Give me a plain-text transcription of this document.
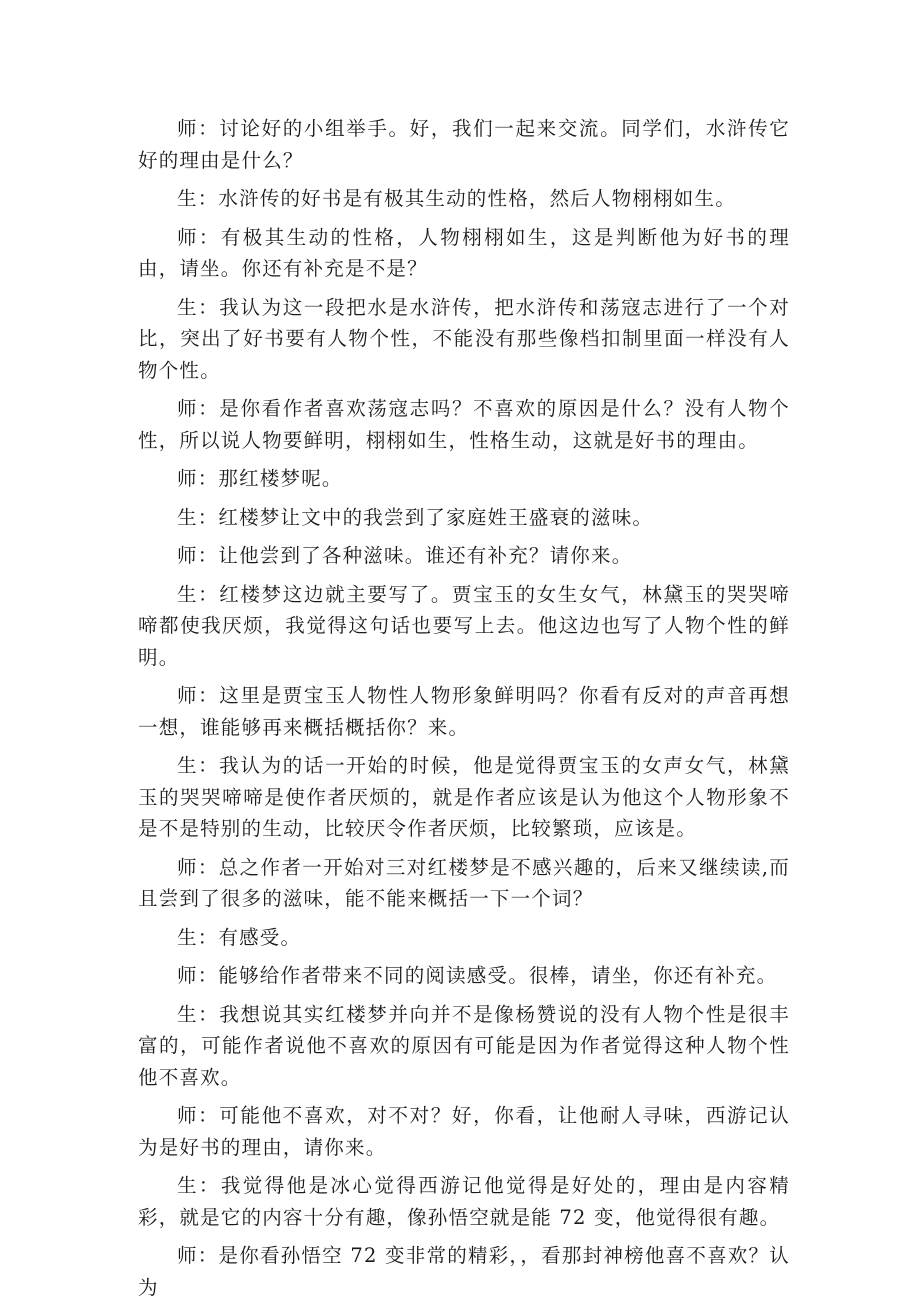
师：讨论好的小组举手。好，我们一起来交流。同学们，水浒传它好的理由是什么？

生：水浒传的好书是有极其生动的性格，然后人物栩栩如生。

师：有极其生动的性格，人物栩栩如生，这是判断他为好书的理由，请坐。你还有补充是不是？

生：我认为这一段把水是水浒传，把水浒传和荡寇志进行了一个对比，突出了好书要有人物个性，不能没有那些像档扣制里面一样没有人物个性。

师：是你看作者喜欢荡寇志吗？不喜欢的原因是什么？没有人物个性，所以说人物要鲜明，栩栩如生，性格生动，这就是好书的理由。

师：那红楼梦呢。

生：红楼梦让文中的我尝到了家庭姓王盛衰的滋味。

师：让他尝到了各种滋味。谁还有补充？请你来。

生：红楼梦这边就主要写了。贾宝玉的女生女气，林黛玉的哭哭啼啼都使我厌烦，我觉得这句话也要写上去。他这边也写了人物个性的鲜明。

师：这里是贾宝玉人物性人物形象鲜明吗？你看有反对的声音再想一想，谁能够再来概括概括你？来。

生：我认为的话一开始的时候，他是觉得贾宝玉的女声女气，林黛玉的哭哭啼啼是使作者厌烦的，就是作者应该是认为他这个人物形象不是不是特别的生动，比较厌令作者厌烦，比较繁琐，应该是。

师：总之作者一开始对三对红楼梦是不感兴趣的，后来又继续读,而且尝到了很多的滋味，能不能来概括一下一个词？

生：有感受。

师：能够给作者带来不同的阅读感受。很棒，请坐，你还有补充。

生：我想说其实红楼梦并向并不是像杨赞说的没有人物个性是很丰富的，可能作者说他不喜欢的原因有可能是因为作者觉得这种人物个性他不喜欢。

师：可能他不喜欢，对不对？好，你看，让他耐人寻味，西游记认为是好书的理由，请你来。

生：我觉得他是冰心觉得西游记他觉得是好处的，理由是内容精彩，就是它的内容十分有趣，像孙悟空就是能 72 变，他觉得很有趣。

师：是你看孙悟空 72 变非常的精彩，，看那封神榜他喜不喜欢？认为
